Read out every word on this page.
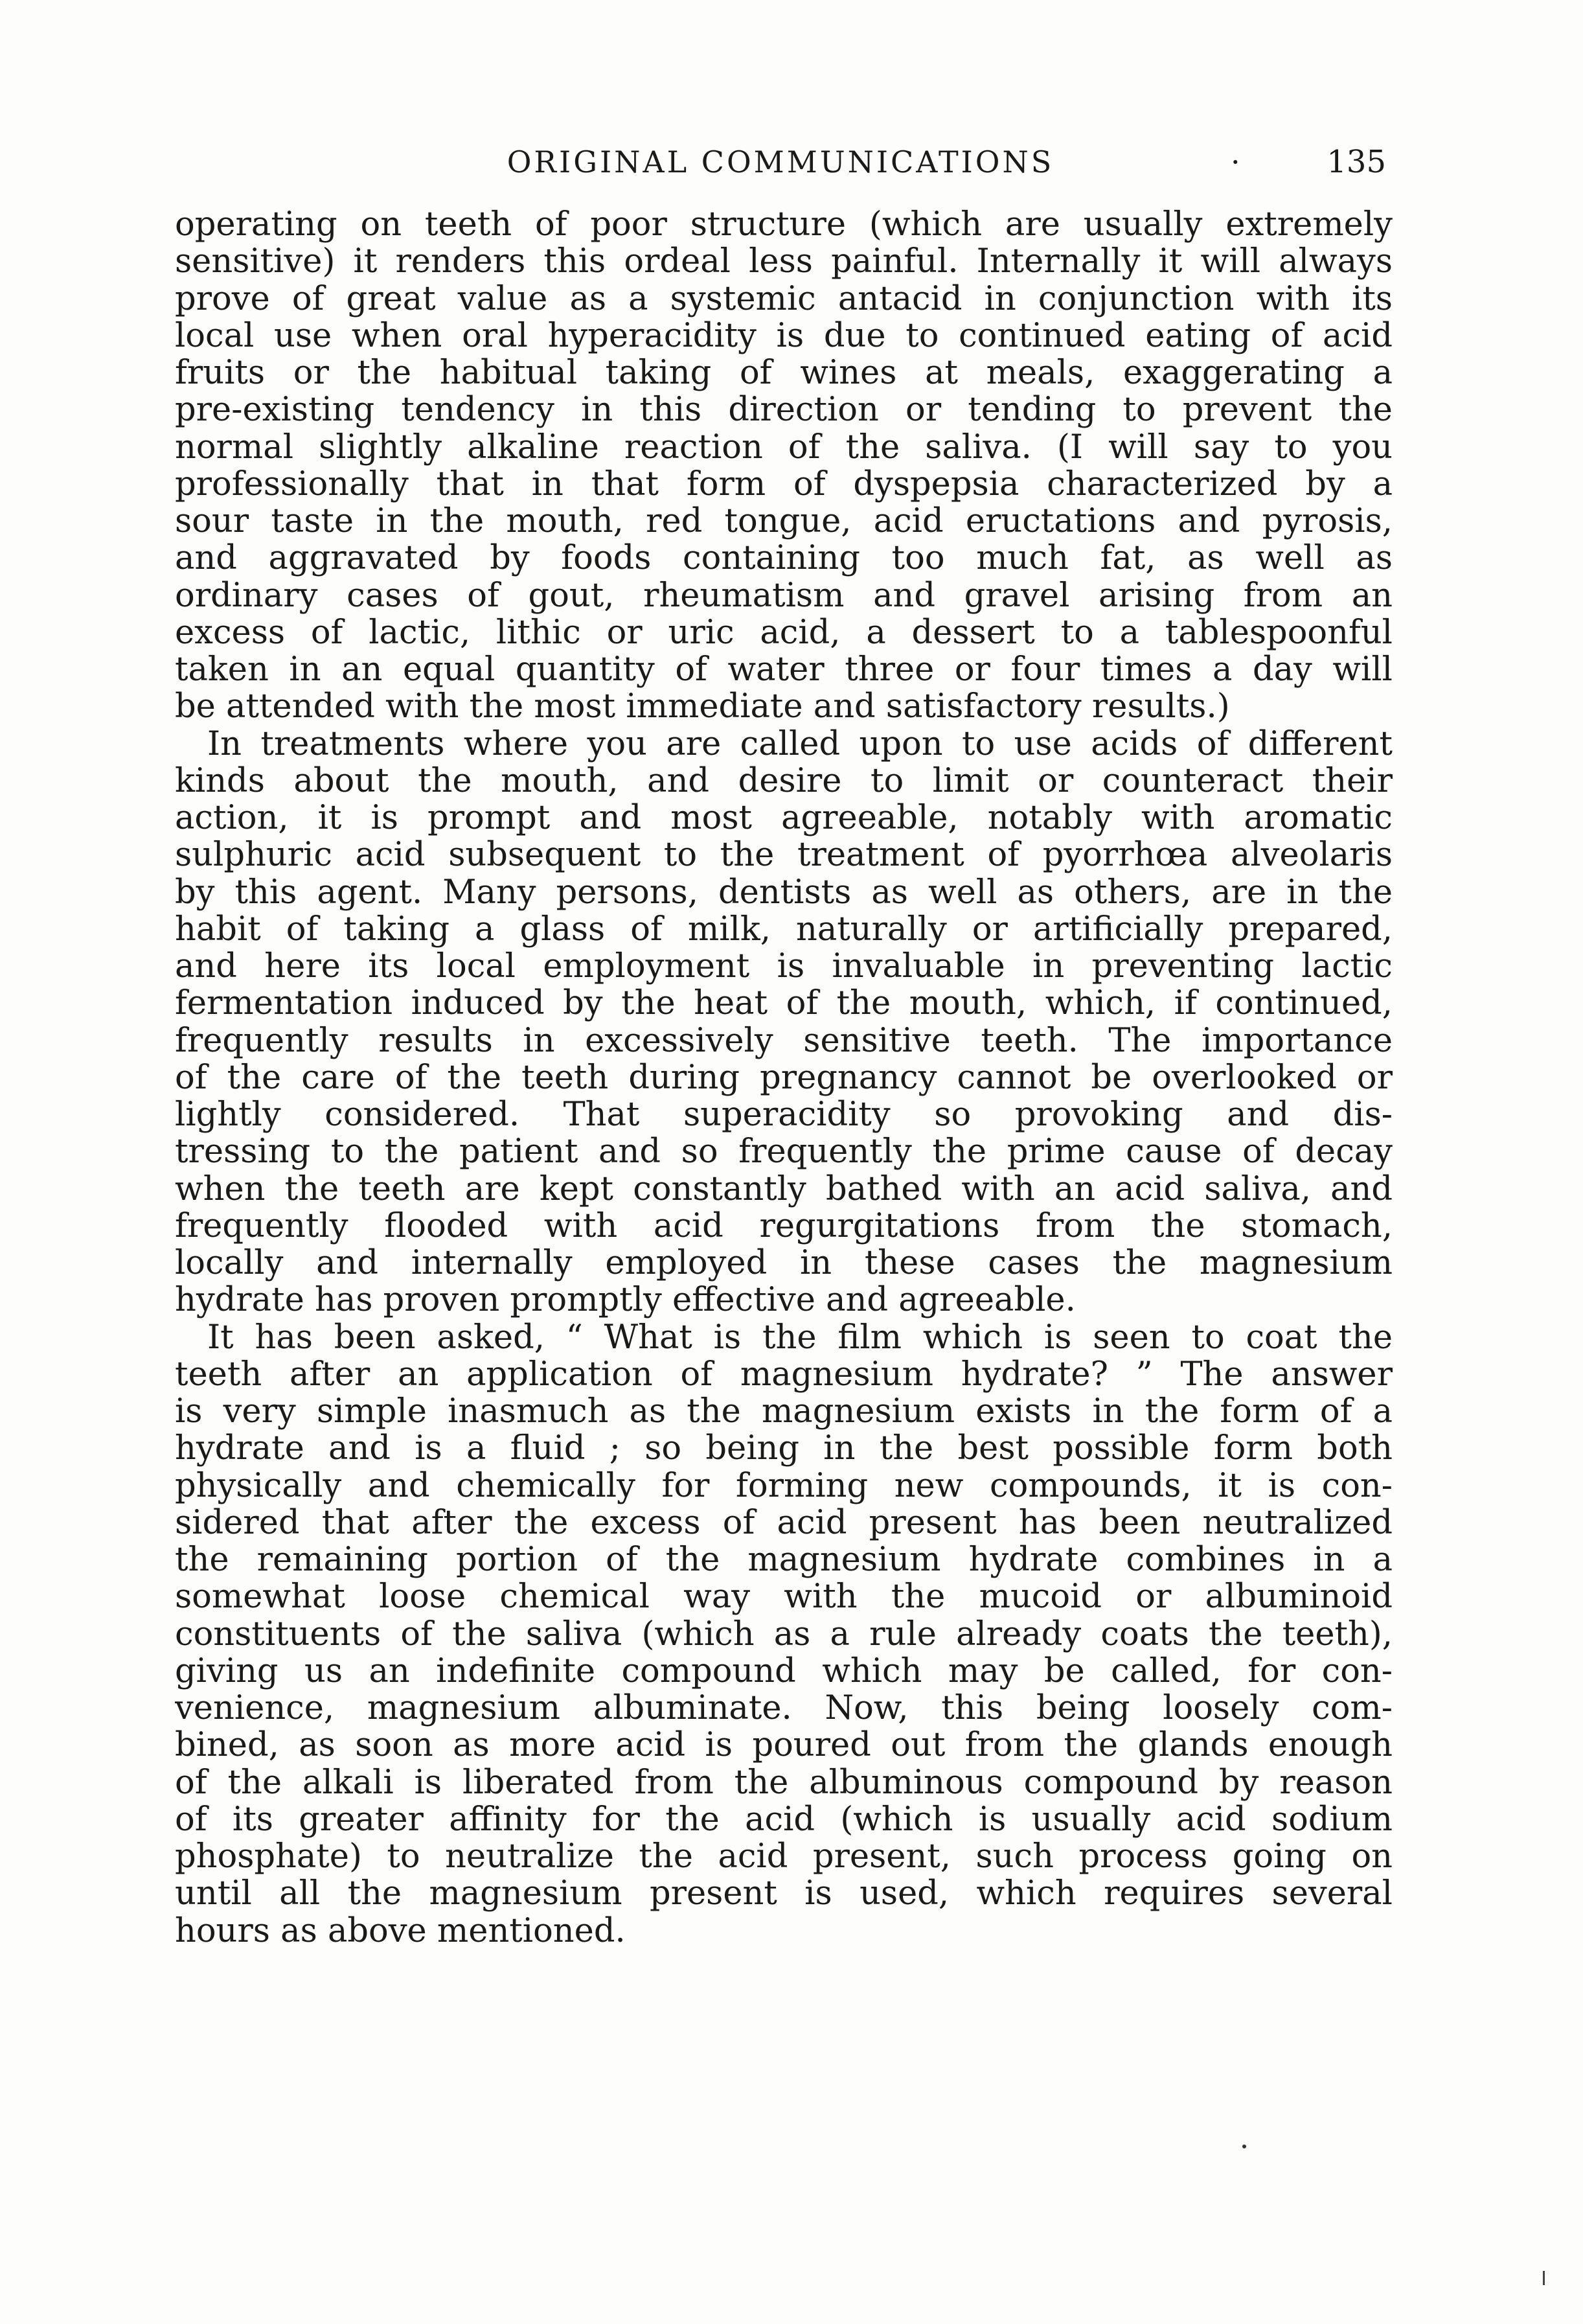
ORIGINAL COMMUNICATIONS	·	135
operating on teeth of poor structure (which are usually extremely
sensitive) it renders this ordeal less painful. Internally it will always
prove of great value as a systemic antacid in conjunction with its
local use when oral hyperacidity is due to continued eating of acid
fruits or the habitual taking of wines at meals, exaggerating a
pre-existing tendency in this direction or tending to prevent the
normal slightly alkaline reaction of the saliva. (I will say to you
professionally that in that form of dyspepsia characterized by a
sour taste in the mouth, red tongue, acid eructations and pyrosis,
and aggravated by foods containing too much fat, as well as
ordinary cases of gout, rheumatism and gravel arising from an
excess of lactic, lithic or uric acid, a dessert to a tablespoonful
taken in an equal quantity of water three or four times a day will
be attended with the most immediate and satisfactory results.)
In treatments where you are called upon to use acids of different
kinds about the mouth, and desire to limit or counteract their
action, it is prompt and most agreeable, notably with aromatic
sulphuric acid subsequent to the treatment of pyorrhœa alveolaris
by this agent. Many persons, dentists as well as others, are in the
habit of taking a glass of milk, naturally or artificially prepared,
and here its local employment is invaluable in preventing lactic
fermentation induced by the heat of the mouth, which, if continued,
frequently results in excessively sensitive teeth. The importance
of the care of the teeth during pregnancy cannot be overlooked or
lightly considered. That superacidity so provoking and dis-
tressing to the patient and so frequently the prime cause of decay
when the teeth are kept constantly bathed with an acid saliva, and
frequently flooded with acid regurgitations from the stomach,
locally and internally employed in these cases the magnesium
hydrate has proven promptly effective and agreeable.
It has been asked, “ What is the film which is seen to coat the
teeth after an application of magnesium hydrate? ” The answer
is very simple inasmuch as the magnesium exists in the form of a
hydrate and is a fluid ; so being in the best possible form both
physically and chemically for forming new compounds, it is con-
sidered that after the excess of acid present has been neutralized
the remaining portion of the magnesium hydrate combines in a
somewhat loose chemical way with the mucoid or albuminoid
constituents of the saliva (which as a rule already coats the teeth),
giving us an indefinite compound which may be called, for con-
venience, magnesium albuminate. Now, this being loosely com-
bined, as soon as more acid is poured out from the glands enough
of the alkali is liberated from the albuminous compound by reason
of its greater affinity for the acid (which is usually acid sodium
phosphate) to neutralize the acid present, such process going on
until all the magnesium present is used, which requires several
hours as above mentioned.
